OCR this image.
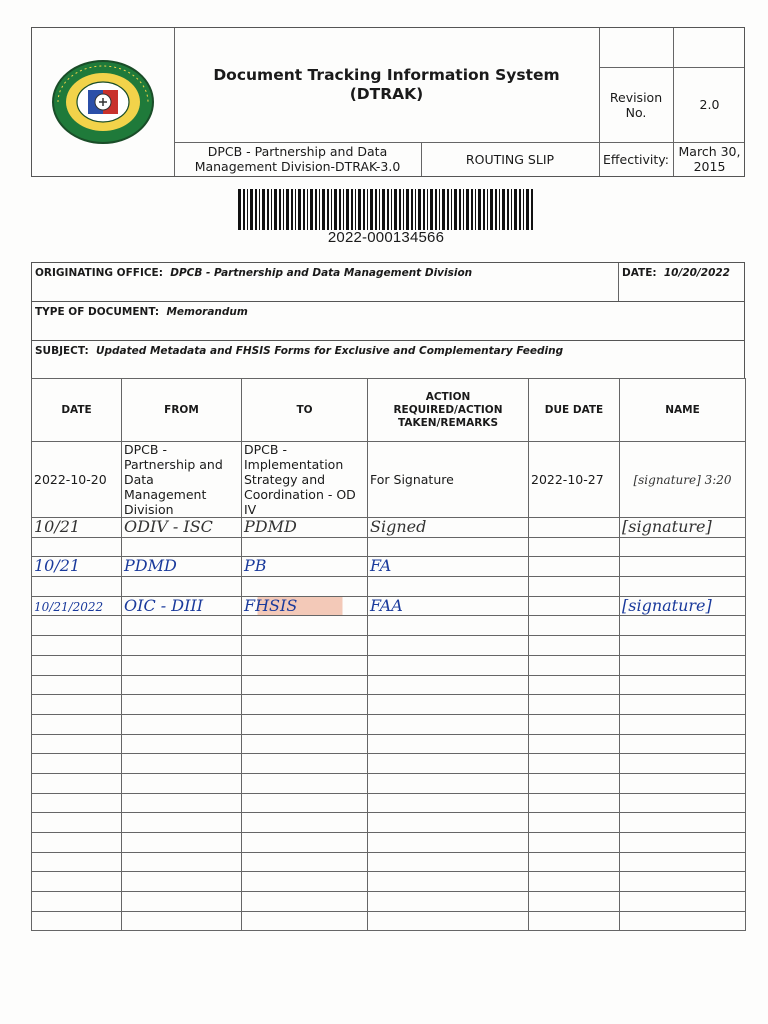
Document Tracking Information System
(DTRAK)	Revision No.	2.0
DPCB - Partnership and Data
Management Division-DTRAK-3.0	ROUTING SLIP	Effectivity: March 30,
2015
2022-000134566
ORIGINATING OFFICE: DPCB - Partnership and Data Management Division	DATE: 10/20/2022
TYPE OF DOCUMENT: Memorandum
SUBJECT: Updated Metadata and FHSIS Forms for Exclusive and Complementary Feeding
DATE	FROM	TO	ACTION REQUIRED/ACTION TAKEN/REMARKS	DUE DATE	NAME
2022-10-20	DPCB - Partnership and Data Management Division	DPCB - Implementation Strategy and Coordination - OD IV	For Signature	2022-10-27	[signature] 3:20
10/21	ODIV - ISC	PDMD	Signed		[signature]

10/21	PDMD	PB	FA		

10/21/2022	OIC - DIII	FHSIS	FAA		[signature]
